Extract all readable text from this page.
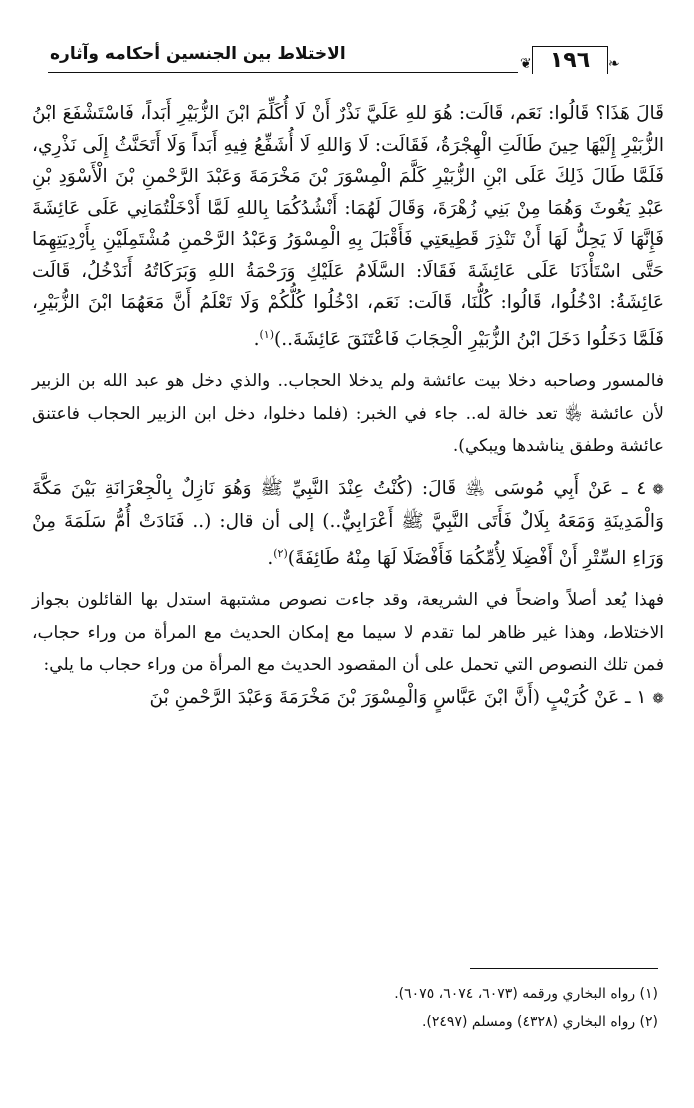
الاختلاط بين الجنسين أحكامه وآثاره	❦ ١٩٦	❧

قَالَ هَذَا؟ قَالُوا: نَعَم، قَالَت: هُوَ للهِ عَلَيَّ نَذْرٌ أَنْ لَا أُكَلِّمَ ابْنَ الزُّبَيْرِ أَبَداً، فَاسْتَشْفَعَ ابْنُ الزُّبَيْرِ إِلَيْهَا حِينَ طَالَتِ الْهِجْرَةُ، فَقَالَت: لَا وَاللهِ لَا أُشَفِّعُ فِيهِ أَبَداً وَلَا أَتَحَنَّثُ إِلَى نَذْرِي، فَلَمَّا طَالَ ذَلِكَ عَلَى ابْنِ الزُّبَيْرِ كَلَّمَ الْمِسْوَرَ بْنَ مَخْرَمَةَ وَعَبْدَ الرَّحْمنِ بْنَ الْأَسْوَدِ بْنِ عَبْدِ يَغُوثَ وَهُمَا مِنْ بَنِي زُهْرَةَ، وَقَالَ لَهُمَا: أَنْشُدُكُمَا بِاللهِ لَمَّا أَدْخَلْتُمَانِي عَلَى عَائِشَةَ فَإِنَّهَا لَا يَحِلُّ لَهَا أَنْ تَنْذِرَ قَطِيعَتِي فَأَقْبَلَ بِهِ الْمِسْوَرُ وَعَبْدُ الرَّحْمنِ مُشْتَمِلَيْنِ بِأَرْدِيَتِهِمَا حَتَّى اسْتَأْذَنَا عَلَى عَائِشَةَ فَقَالَا: السَّلَامُ عَلَيْكِ وَرَحْمَةُ اللهِ وَبَرَكَاتُهُ أَنَدْخُلُ، قَالَت عَائِشَةُ: ادْخُلُوا، قَالُوا: كُلُّنَا، قَالَت: نَعَم، ادْخُلُوا كُلُّكُمْ وَلَا تَعْلَمُ أَنَّ مَعَهُمَا ابْنَ الزُّبَيْرِ، فَلَمَّا دَخَلُوا دَخَلَ ابْنُ الزُّبَيْرِ الْحِجَابَ فَاعْتَنَقَ عَائِشَةَ..)$^{(١)}$.

فالمسور وصاحبه دخلا بيت عائشة ولم يدخلا الحجاب.. والذي دخل هو عبد الله بن الزبير لأن عائشة ﵂ تعد خالة له.. جاء في الخبر: (فلما دخلوا، دخل ابن الزبير الحجاب فاعتنق عائشة وطفق يناشدها ويبكي).

❁٤ ـ عَنْ أَبِي مُوسَى ﵁ قَالَ: (كُنْتُ عِنْدَ النَّبِيِّ ﷺ وَهُوَ نَازِلٌ بِالْجِعْرَانَةِ بَيْنَ مَكَّةَ وَالْمَدِينَةِ وَمَعَهُ بِلَالٌ فَأَتَى النَّبِيَّ ﷺ أَعْرَابِيٌّ..) إلى أن قال: (.. فَنَادَتْ أُمُّ سَلَمَةَ مِنْ وَرَاءِ السِّتْرِ أَنْ أَفْضِلَا لِأُمِّكُمَا فَأَفْضَلَا لَهَا مِنْهُ طَائِفَةً)$^{(٢)}$.

فهذا يُعد أصلاً واضحاً في الشريعة، وقد جاءت نصوص مشتبهة استدل بها القائلون بجواز الاختلاط، وهذا غير ظاهر لما تقدم لا سيما مع إمكان الحديث مع المرأة من وراء حجاب، فمن تلك النصوص التي تحمل على أن المقصود الحديث مع المرأة من وراء حجاب ما يلي:

❁١ ـ عَنْ كُرَيْبٍ (أَنَّ ابْنَ عَبَّاسٍ وَالْمِسْوَرَ بْنَ مَخْرَمَةَ وَعَبْدَ الرَّحْمنِ بْنَ

(١) رواه البخاري ورقمه (٦٠٧٣، ٦٠٧٤، ٦٠٧٥).

(٢) رواه البخاري (٤٣٢٨) ومسلم (٢٤٩٧).
